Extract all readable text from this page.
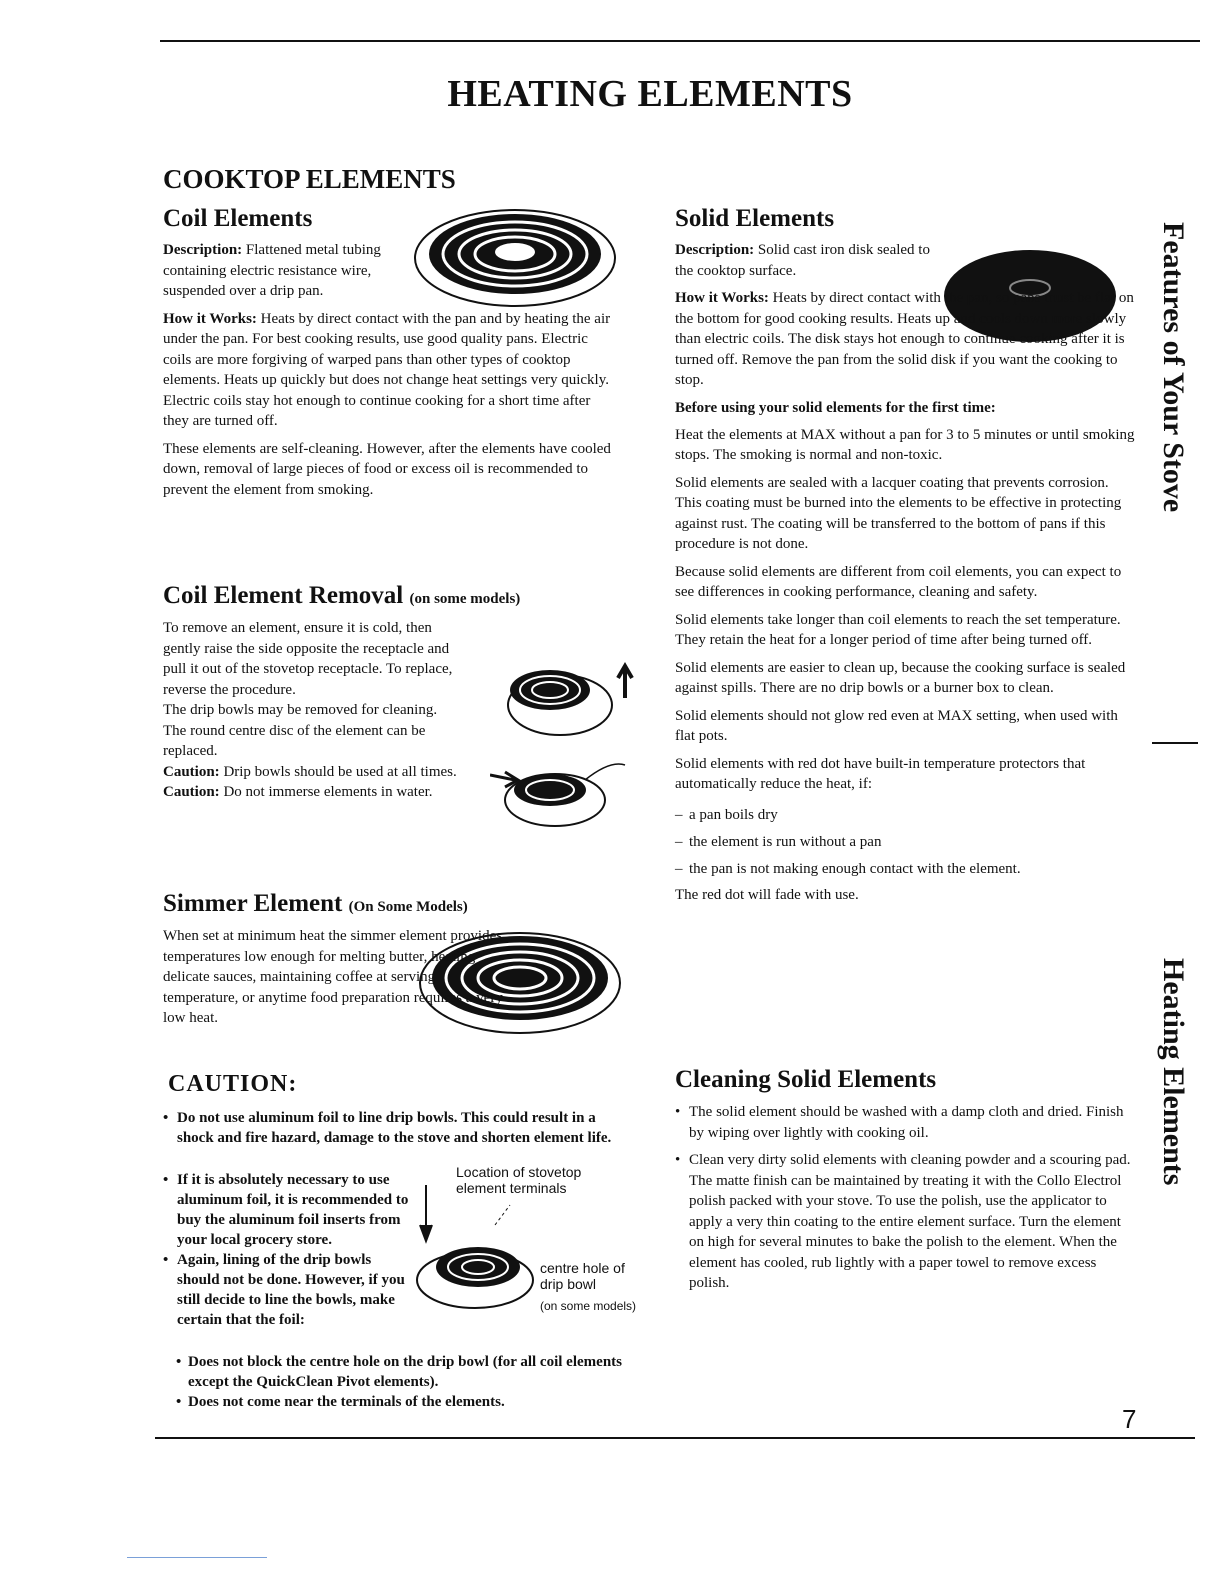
HEATING ELEMENTS
COOKTOP ELEMENTS
Features of Your Stove
Heating Elements
Coil Elements

Description: Flattened metal tubing containing electric resistance wire, suspended over a drip pan.

How it Works: Heats by direct contact with the pan and by heating the air under the pan. For best cooking results, use good quality pans. Electric coils are more forgiving of warped pans than other types of cooktop elements. Heats up quickly but does not change heat settings very quickly. Electric coils stay hot enough to continue cooking for a short time after they are turned off.

These elements are self-cleaning. However, after the elements have cooled down, removal of large pieces of food or excess oil is recommended to prevent the element from smoking.

Coil Element Removal (on some models)

To remove an element, ensure it is cold, then gently raise the side opposite the receptacle and pull it out of the stovetop receptacle. To replace, reverse the procedure.

The drip bowls may be removed for cleaning.

The round centre disc of the element can be replaced.

Caution: Drip bowls should be used at all times.

Caution: Do not immerse elements in water.

Simmer Element (On Some Models)

When set at minimum heat the simmer element provides temperatures low enough for melting butter, heating delicate sauces, maintaining coffee at serving temperature, or anytime food preparation requires a very low heat.

CAUTION:
• Do not use aluminum foil to line drip bowls. This could result in a shock and fire hazard, damage to the stove and shorten element life.
• If it is absolutely necessary to use aluminum foil, it is recommended to buy the aluminum foil inserts from your local grocery store.
• Again, lining of the drip bowls should not be done. However, if you still decide to line the bowls, make certain that the foil:
• Does not block the centre hole on the drip bowl (for all coil elements except the QuickClean Pivot elements).
• Does not come near the terminals of the elements.
Location of stovetop element terminals
centre hole of drip bowl
(on some models)
Solid Elements

Description: Solid cast iron disk sealed to the cooktop surface.

How it Works: Heats by direct contact with the pan, so pans must be flat on the bottom for good cooking results. Heats up and cools down more slowly than electric coils. The disk stays hot enough to continue cooking after it is turned off. Remove the pan from the solid disk if you want the cooking to stop.

Before using your solid elements for the first time:

Heat the elements at MAX without a pan for 3 to 5 minutes or until smoking stops. The smoking is normal and non-toxic.

Solid elements are sealed with a lacquer coating that prevents corrosion. This coating must be burned into the elements to be effective in protecting against rust. The coating will be transferred to the bottom of pans if this procedure is not done.

Because solid elements are different from coil elements, you can expect to see differences in cooking performance, cleaning and safety.

Solid elements take longer than coil elements to reach the set temperature. They retain the heat for a longer period of time after being turned off.

Solid elements are easier to clean up, because the cooking surface is sealed against spills. There are no drip bowls or a burner box to clean.

Solid elements should not glow red even at MAX setting, when used with flat pots.

Solid elements with red dot have built-in temperature protectors that automatically reduce the heat, if:

– a pan boils dry
– the element is run without a pan
– the pan is not making enough contact with the element.

The red dot will fade with use.

Cleaning Solid Elements
• The solid element should be washed with a damp cloth and dried. Finish by wiping over lightly with cooking oil.
• Clean very dirty solid elements with cleaning powder and a scouring pad. The matte finish can be maintained by treating it with the Collo Electrol polish packed with your stove. To use the polish, use the applicator to apply a very thin coating to the entire element surface. Turn the element on high for several minutes to bake the polish to the element. When the element has cooled, rub lightly with a paper towel to remove excess polish.
7
